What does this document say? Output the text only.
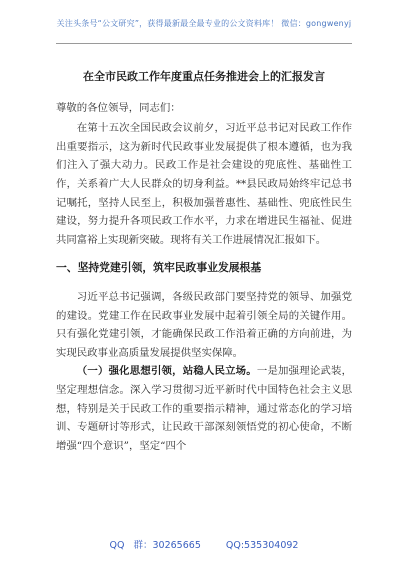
关注头条号“公文研究”，获得最新最全最专业的公文资料库！ 微信：gongwenyj
在全市民政工作年度重点任务推进会上的汇报发言
尊敬的各位领导，同志们：

在第十五次全国民政会议前夕，习近平总书记对民政工作作出重要指示，这为新时代民政事业发展提供了根本遵循，也为我们注入了强大动力。民政工作是社会建设的兜底性、基础性工作，关系着广大人民群众的切身利益。**县民政局始终牢记总书记嘱托，坚持人民至上，积极加强普惠性、基础性、兜底性民生建设，努力提升各项民政工作水平，力求在增进民生福祉、促进共同富裕上实现新突破。现将有关工作进展情况汇报如下。

一、坚持党建引领，筑牢民政事业发展根基

习近平总书记强调，各级民政部门要坚持党的领导、加强党的建设。党建工作在民政事业发展中起着引领全局的关键作用。只有强化党建引领，才能确保民政工作沿着正确的方向前进，为实现民政事业高质量发展提供坚实保障。

（一）强化思想引领，站稳人民立场。一是加强理论武装，坚定理想信念。深入学习贯彻习近平新时代中国特色社会主义思想，特别是关于民政工作的重要指示精神，通过常态化的学习培训、专题研讨等形式，让民政干部深刻领悟党的初心使命，不断增强“四个意识”，坚定“四个

QQ 群：30265665	QQ:535304092
